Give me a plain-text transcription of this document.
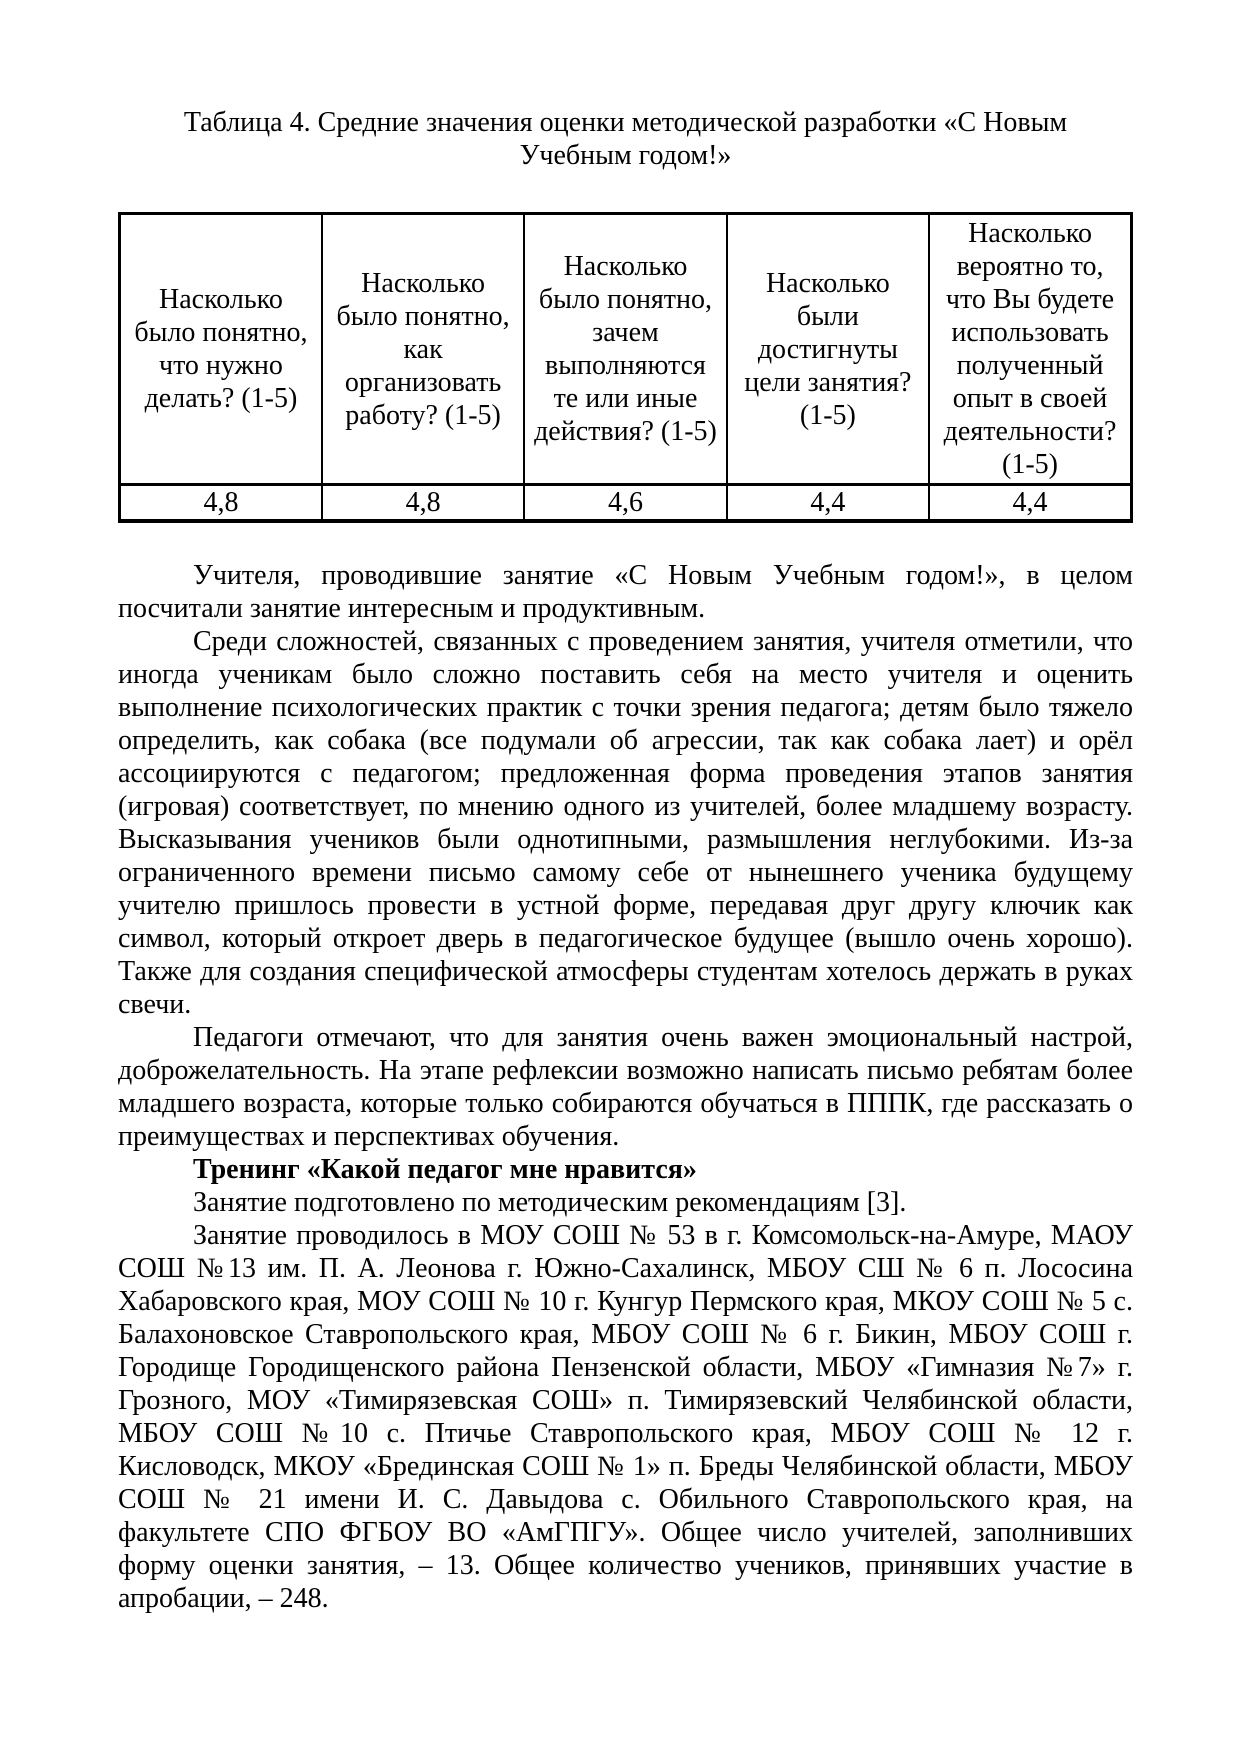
Таблица 4. Средние значения оценки методической разработки «С Новым Учебным годом!»

Насколько было понятно, что нужно делать? (1-5)	Насколько было понятно, как организовать работу? (1-5)	Насколько было понятно, зачем выполняются те или иные действия? (1-5)	Насколько были достигнуты цели занятия? (1-5)	Насколько вероятно то, что Вы будете использовать полученный опыт в своей деятельности? (1-5)
4,8	4,8	4,6	4,4	4,4

Учителя, проводившие занятие «С Новым Учебным годом!», в целом посчитали занятие интересным и продуктивным.

Среди сложностей, связанных с проведением занятия, учителя отметили, что иногда ученикам было сложно поставить себя на место учителя и оценить выполнение психологических практик с точки зрения педагога; детям было тяжело определить, как собака (все подумали об агрессии, так как собака лает) и орёл ассоциируются с педагогом; предложенная форма проведения этапов занятия (игровая) соответствует, по мнению одного из учителей, более младшему возрасту. Высказывания учеников были однотипными, размышления неглубокими. Из-за ограниченного времени письмо самому себе от нынешнего ученика будущему учителю пришлось провести в устной форме, передавая друг другу ключик как символ, который откроет дверь в педагогическое будущее (вышло очень хорошо). Также для создания специфической атмосферы студентам хотелось держать в руках свечи.

Педагоги отмечают, что для занятия очень важен эмоциональный настрой, доброжелательность. На этапе рефлексии возможно написать письмо ребятам более младшего возраста, которые только собираются обучаться в ПППК, где рассказать о преимуществах и перспективах обучения.

Тренинг «Какой педагог мне нравится»

Занятие подготовлено по методическим рекомендациям [3].

Занятие проводилось в МОУ СОШ № 53 в г. Комсомольск-на-Амуре, МАОУ СОШ №13 им. П. А. Леонова г. Южно-Сахалинск, МБОУ СШ № 6 п. Лососина Хабаровского края, МОУ СОШ № 10 г. Кунгур Пермского края, МКОУ СОШ № 5 с. Балахоновское Ставропольского края, МБОУ СОШ № 6 г. Бикин, МБОУ СОШ г. Городище Городищенского района Пензенской области, МБОУ «Гимназия №7» г. Грозного, МОУ «Тимирязевская СОШ» п. Тимирязевский Челябинской области, МБОУ СОШ №10 с. Птичье Ставропольского края, МБОУ СОШ № 12 г. Кисловодск, МКОУ «Брединская СОШ № 1» п. Бреды Челябинской области, МБОУ СОШ № 21 имени И. С. Давыдова с. Обильного Ставропольского края, на факультете СПО ФГБОУ ВО «АмГПГУ». Общее число учителей, заполнивших форму оценки занятия, – 13. Общее количество учеников, принявших участие в апробации, – 248.
